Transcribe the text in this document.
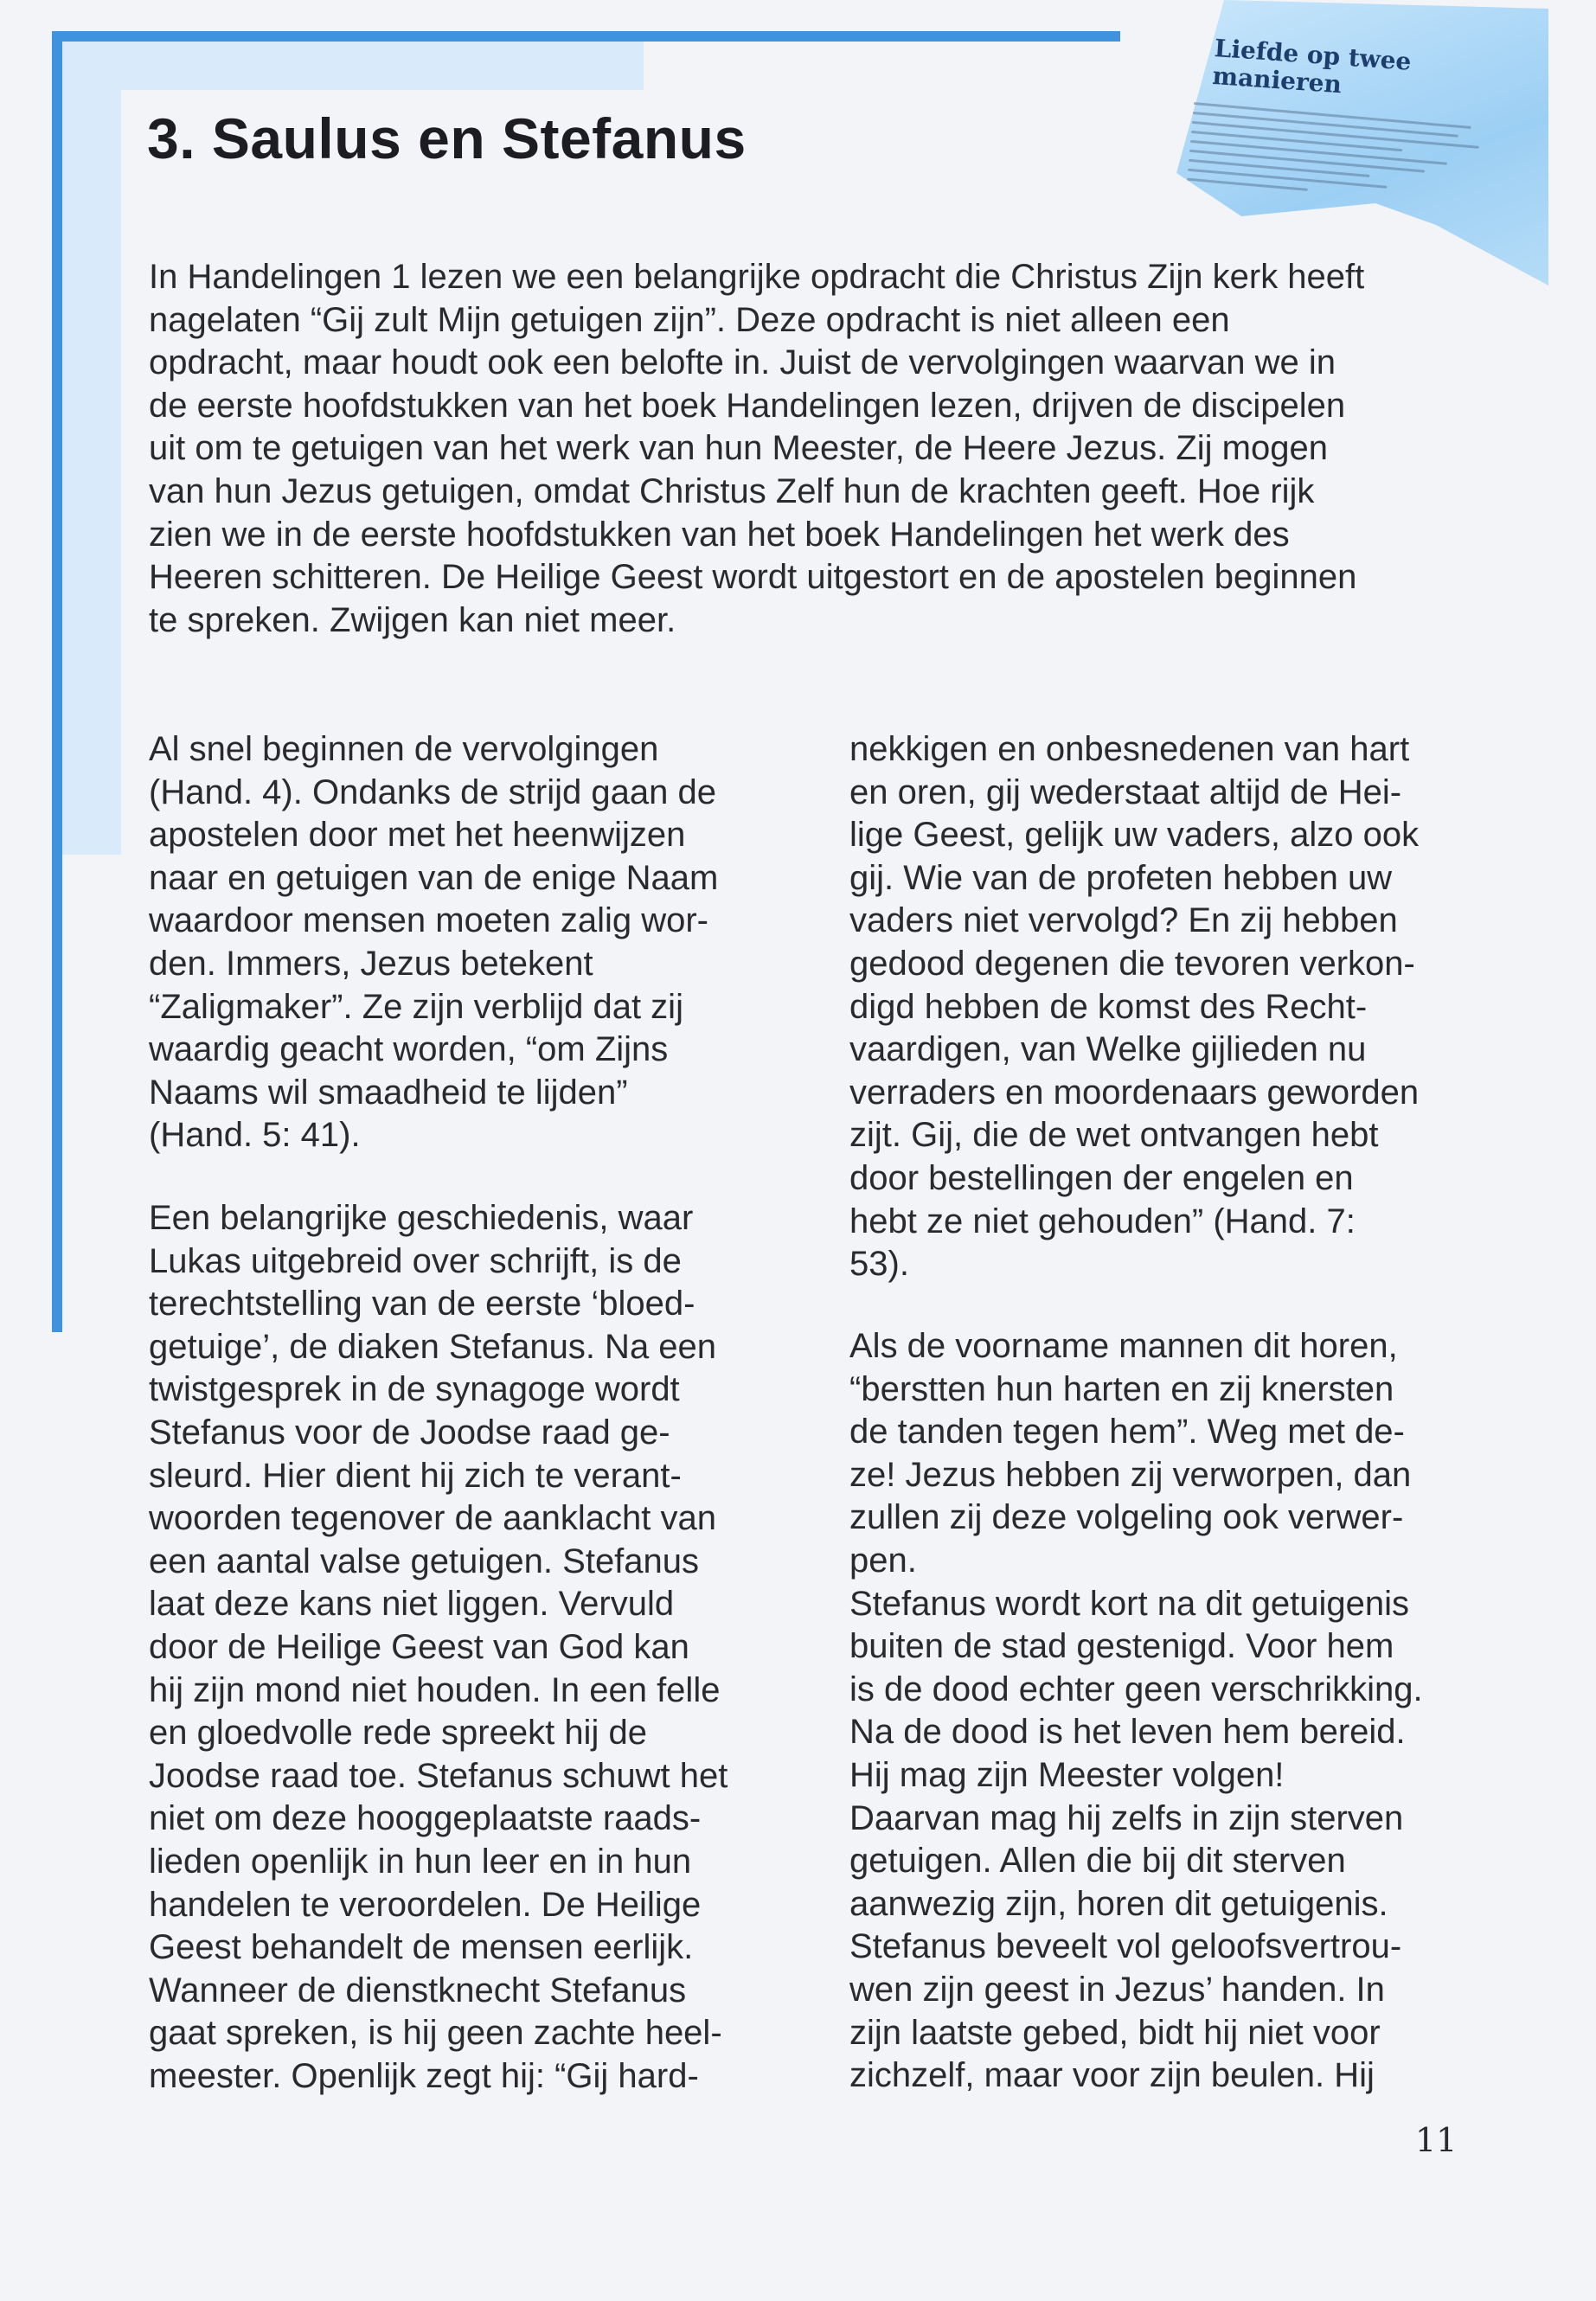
3. Saulus en Stefanus

Liefde op twee manieren

In Handelingen 1 lezen we een belangrijke opdracht die Christus Zijn kerk heeft
nagelaten “Gij zult Mijn getuigen zijn”. Deze opdracht is niet alleen een
opdracht, maar houdt ook een belofte in. Juist de vervolgingen waarvan we in
de eerste hoofdstukken van het boek Handelingen lezen, drijven de discipelen
uit om te getuigen van het werk van hun Meester, de Heere Jezus. Zij mogen
van hun Jezus getuigen, omdat Christus Zelf hun de krachten geeft. Hoe rijk
zien we in de eerste hoofdstukken van het boek Handelingen het werk des
Heeren schitteren. De Heilige Geest wordt uitgestort en de apostelen beginnen
te spreken. Zwijgen kan niet meer.

Al snel beginnen de vervolgingen
(Hand. 4). Ondanks de strijd gaan de
apostelen door met het heenwijzen
naar en getuigen van de enige Naam
waardoor mensen moeten zalig wor-
den. Immers, Jezus betekent
“Zaligmaker”. Ze zijn verblijd dat zij
waardig geacht worden, “om Zijns
Naams wil smaadheid te lijden”
(Hand. 5: 41).

Een belangrijke geschiedenis, waar
Lukas uitgebreid over schrijft, is de
terechtstelling van de eerste ‘bloed-
getuige’, de diaken Stefanus. Na een
twistgesprek in de synagoge wordt
Stefanus voor de Joodse raad ge-
sleurd. Hier dient hij zich te verant-
woorden tegenover de aanklacht van
een aantal valse getuigen. Stefanus
laat deze kans niet liggen. Vervuld
door de Heilige Geest van God kan
hij zijn mond niet houden. In een felle
en gloedvolle rede spreekt hij de
Joodse raad toe. Stefanus schuwt het
niet om deze hooggeplaatste raads-
lieden openlijk in hun leer en in hun
handelen te veroordelen. De Heilige
Geest behandelt de mensen eerlijk.
Wanneer de dienstknecht Stefanus
gaat spreken, is hij geen zachte heel-
meester. Openlijk zegt hij: “Gij hard-

nekkigen en onbesnedenen van hart
en oren, gij wederstaat altijd de Hei-
lige Geest, gelijk uw vaders, alzo ook
gij. Wie van de profeten hebben uw
vaders niet vervolgd? En zij hebben
gedood degenen die tevoren verkon-
digd hebben de komst des Recht-
vaardigen, van Welke gijlieden nu
verraders en moordenaars geworden
zijt. Gij, die de wet ontvangen hebt
door bestellingen der engelen en
hebt ze niet gehouden” (Hand. 7:
53).

Als de voorname mannen dit horen,
“berstten hun harten en zij knersten
de tanden tegen hem”. Weg met de-
ze! Jezus hebben zij verworpen, dan
zullen zij deze volgeling ook verwer-
pen.
Stefanus wordt kort na dit getuigenis
buiten de stad gestenigd. Voor hem
is de dood echter geen verschrikking.
Na de dood is het leven hem bereid.
Hij mag zijn Meester volgen!
Daarvan mag hij zelfs in zijn sterven
getuigen. Allen die bij dit sterven
aanwezig zijn, horen dit getuigenis.
Stefanus beveelt vol geloofsvertrou-
wen zijn geest in Jezus’ handen. In
zijn laatste gebed, bidt hij niet voor
zichzelf, maar voor zijn beulen. Hij

11
